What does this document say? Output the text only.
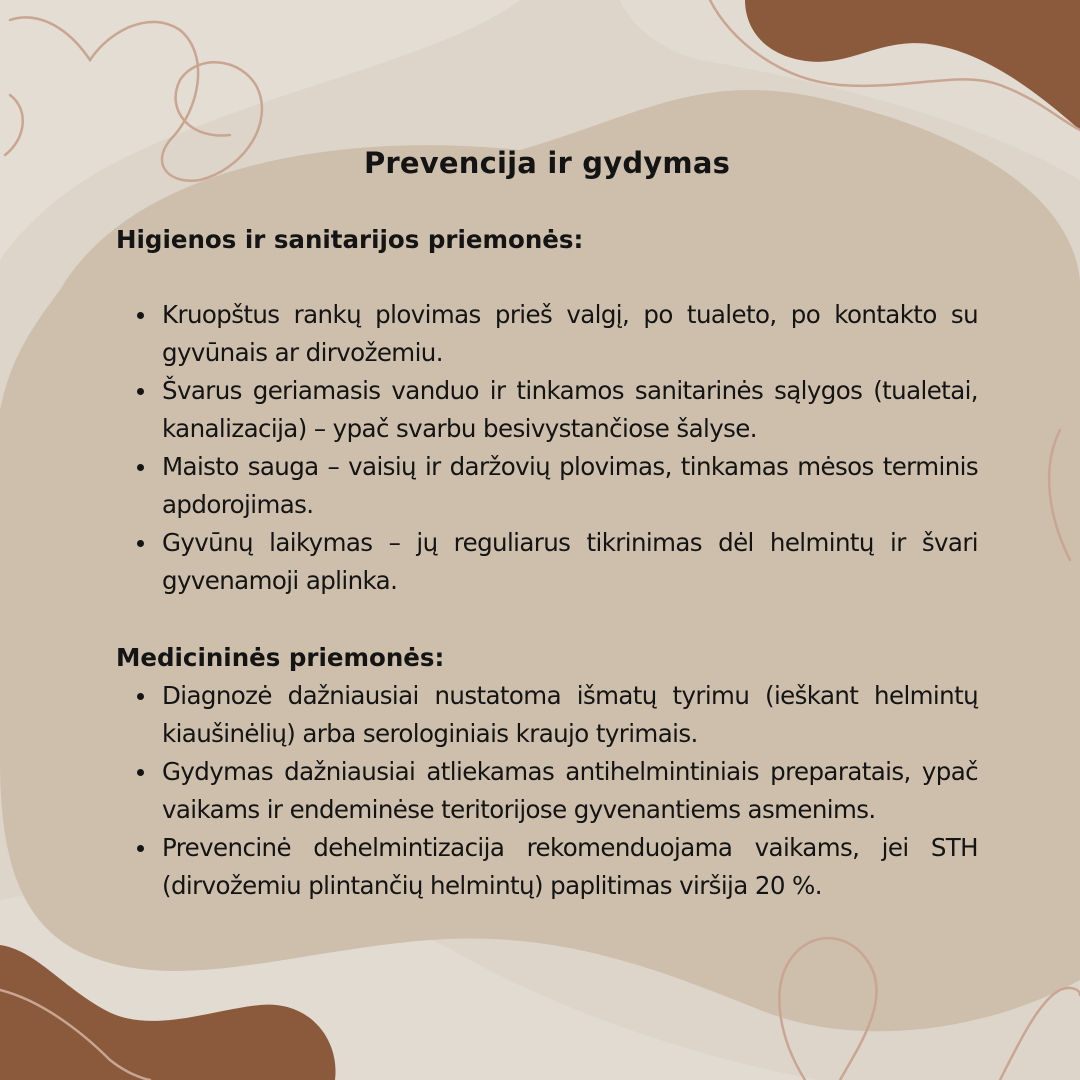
Prevencija ir gydymas
Higienos ir sanitarijos priemonės:
Kruopštus rankų plovimas prieš valgį, po tualeto, po kontakto su gyvūnais ar dirvožemiu.
Švarus geriamasis vanduo ir tinkamos sanitarinės sąlygos (tualetai, kanalizacija) – ypač svarbu besivystančiose šalyse.
Maisto sauga – vaisių ir daržovių plovimas, tinkamas mėsos terminis apdorojimas.
Gyvūnų laikymas – jų reguliarus tikrinimas dėl helmintų ir švari gyvenamoji aplinka.
Medicininės priemonės:
Diagnozė dažniausiai nustatoma išmatų tyrimu (ieškant helmintų kiaušinėlių) arba serologiniais kraujo tyrimais.
Gydymas dažniausiai atliekamas antihelmintiniais preparatais, ypač vaikams ir endeminėse teritorijose gyvenantiems asmenims.
Prevencinė dehelmintizacija rekomenduojama vaikams, jei STH (dirvožemiu plintančių helmintų) paplitimas viršija 20 %.
